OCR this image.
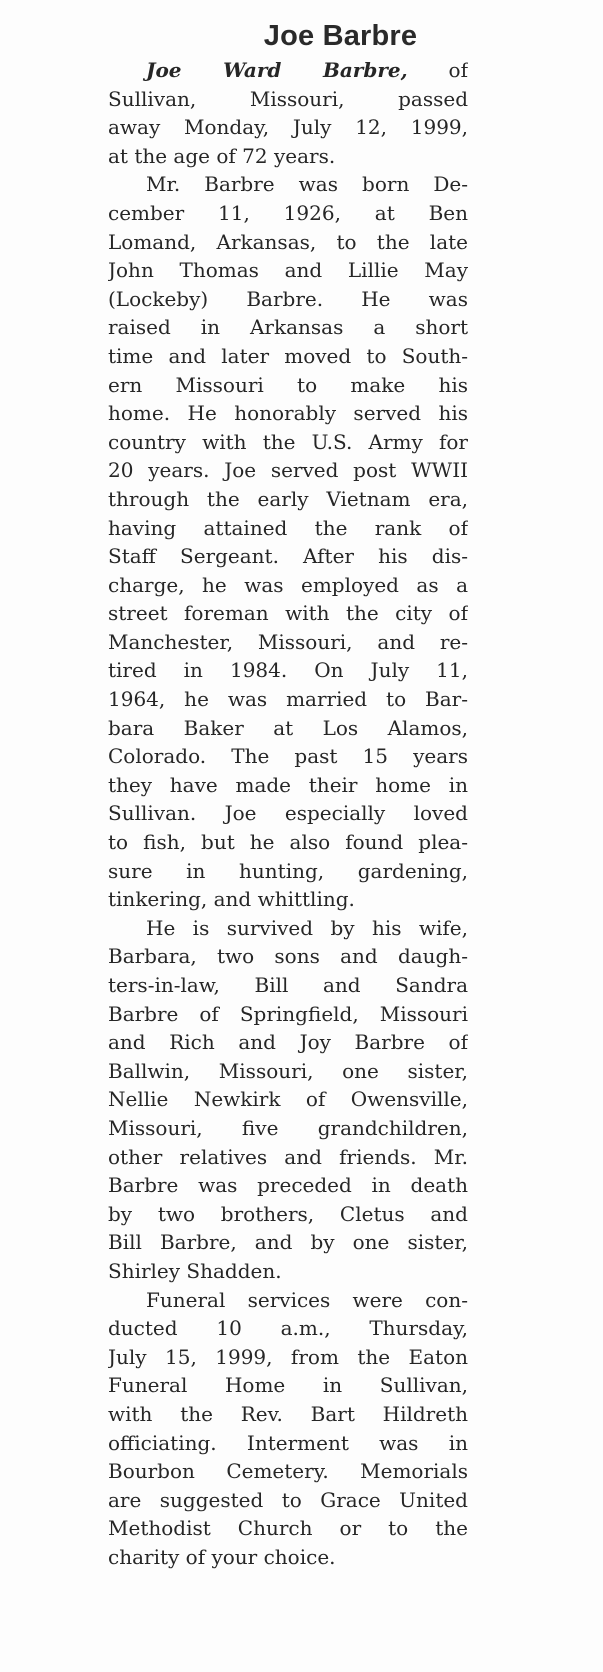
Joe Barbre
Joe Ward Barbre, of
Sullivan, Missouri, passed
away Monday, July 12, 1999,
at the age of 72 years.
Mr. Barbre was born De-
cember 11, 1926, at Ben
Lomand, Arkansas, to the late
John Thomas and Lillie May
(Lockeby) Barbre. He was
raised in Arkansas a short
time and later moved to South-
ern Missouri to make his
home. He honorably served his
country with the U.S. Army for
20 years. Joe served post WWII
through the early Vietnam era,
having attained the rank of
Staff Sergeant. After his dis-
charge, he was employed as a
street foreman with the city of
Manchester, Missouri, and re-
tired in 1984. On July 11,
1964, he was married to Bar-
bara Baker at Los Alamos,
Colorado. The past 15 years
they have made their home in
Sullivan. Joe especially loved
to fish, but he also found plea-
sure in hunting, gardening,
tinkering, and whittling.
He is survived by his wife,
Barbara, two sons and daugh-
ters-in-law, Bill and Sandra
Barbre of Springfield, Missouri
and Rich and Joy Barbre of
Ballwin, Missouri, one sister,
Nellie Newkirk of Owensville,
Missouri, five grandchildren,
other relatives and friends. Mr.
Barbre was preceded in death
by two brothers, Cletus and
Bill Barbre, and by one sister,
Shirley Shadden.
Funeral services were con-
ducted 10 a.m., Thursday,
July 15, 1999, from the Eaton
Funeral Home in Sullivan,
with the Rev. Bart Hildreth
officiating. Interment was in
Bourbon Cemetery. Memorials
are suggested to Grace United
Methodist Church or to the
charity of your choice.
